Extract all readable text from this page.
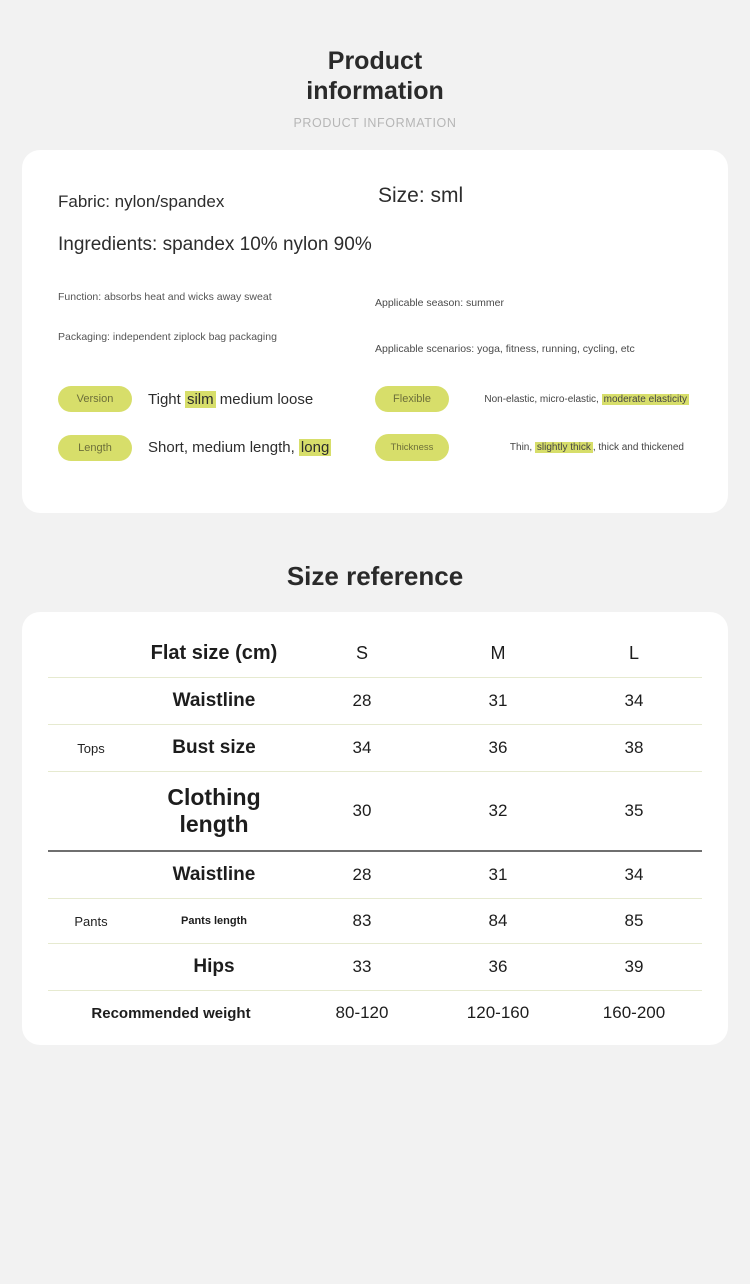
Product information
PRODUCT INFORMATION
Fabric: nylon/spandex	Size: sml
Ingredients: spandex 10% nylon 90%
Function: absorbs heat and wicks away sweat
Packaging: independent ziplock bag packaging
Applicable season: summer
Applicable scenarios: yoga, fitness, running, cycling, etc
Version	Tight silm medium loose	Flexible	Non-elastic, micro-elastic, moderate elasticity
Length	Short, medium length, long	Thickness	Thin, slightly thick , thick and thickened
Size reference
	Flat size (cm)	S	M	L
	Waistline	28	31	34
Tops	Bust size	34	36	38
	Clothing length	30	32	35
	Waistline	28	31	34
Pants	Pants length	83	84	85
	Hips	33	36	39
Recommended weight		80-120	120-160	160-200
